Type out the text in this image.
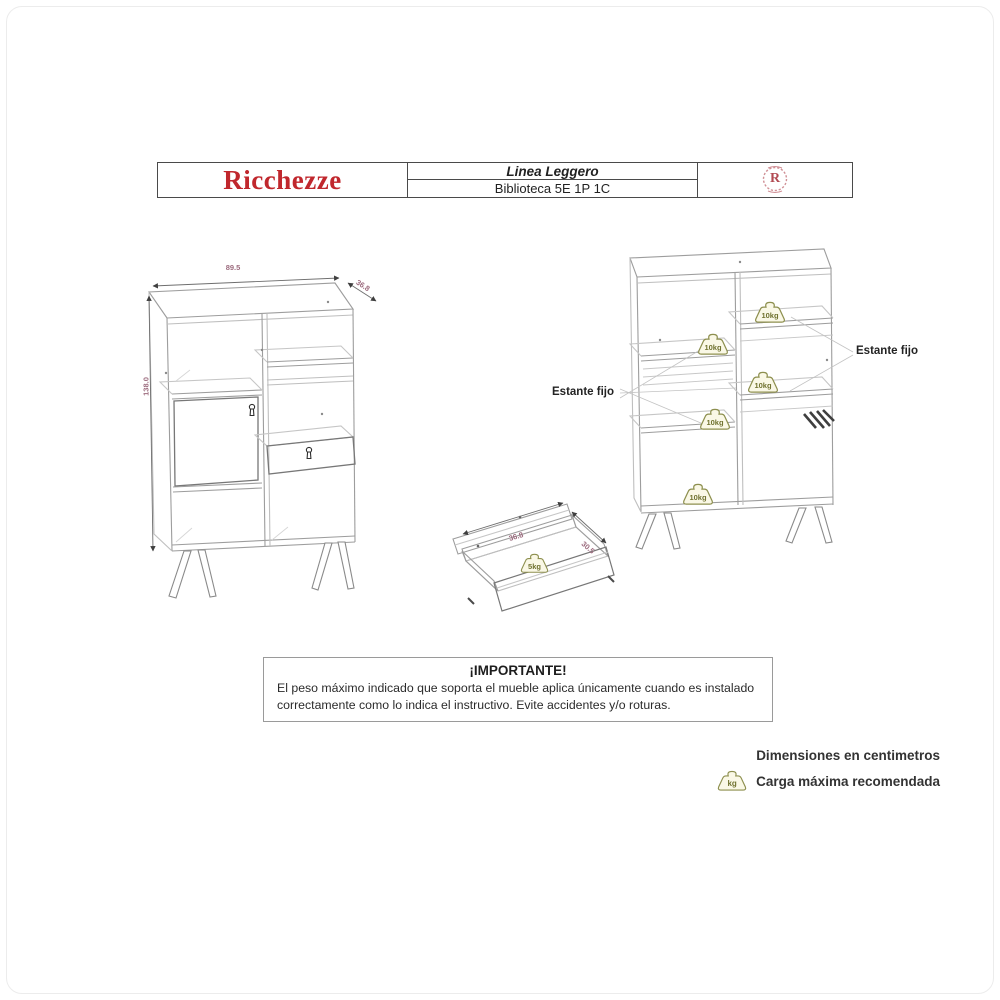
Ricchezze	Linea Leggero
Biblioteca 5E 1P 1C
R
89.5
36.8
138.0
36.8
30.5
Estante fijo
Estante fijo
10kg
10kg
10kg
10kg
10kg
5kg
¡IMPORTANTE!
El peso máximo indicado que soporta el mueble aplica únicamente cuando es instalado correctamente como lo indica el instructivo. Evite accidentes y/o roturas.
Dimensiones en centimetros
kg	Carga máxima recomendada
